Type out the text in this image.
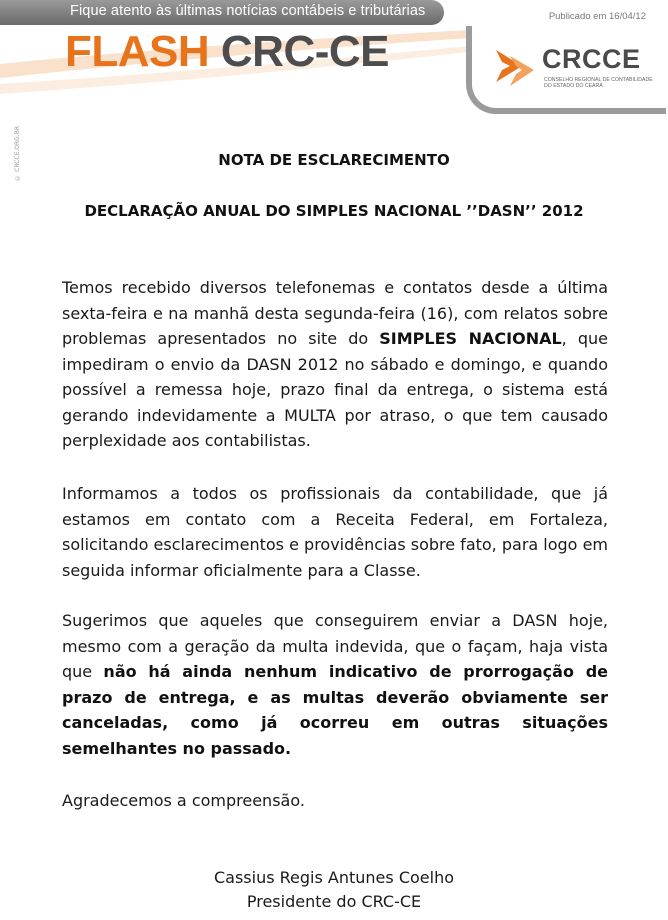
Fique atento às últimas notícias contábeis e tributárias	Publicado em 16/04/12
FLASH CRC-CE	CRCCE
CONSELHO REGIONAL DE CONTABILIDADE
DO ESTADO DO CEARÁ
© CRCCE.ORG.BR	NOTA DE ESCLARECIMENTO
DECLARAÇÃO ANUAL DO SIMPLES NACIONAL ’’DASN’’ 2012
Temos recebido diversos telefonemas e contatos desde a última sexta-feira e na manhã desta segunda-feira (16), com relatos sobre problemas apresentados no site do SIMPLES NACIONAL, que impediram o envio da DASN 2012 no sábado e domingo, e quando possível a remessa hoje, prazo final da entrega, o sistema está gerando indevidamente a MULTA por atraso, o que tem causado perplexidade aos contabilistas.
Informamos a todos os profissionais da contabilidade, que já estamos em contato com a Receita Federal, em Fortaleza, solicitando esclarecimentos e providências sobre fato, para logo em seguida informar oficialmente para a Classe.
Sugerimos que aqueles que conseguirem enviar a DASN hoje, mesmo com a geração da multa indevida, que o façam, haja vista que não há ainda nenhum indicativo de prorrogação de prazo de entrega, e as multas deverão obviamente ser canceladas, como já ocorreu em outras situações semelhantes no passado.
Agradecemos a compreensão.
Cassius Regis Antunes Coelho
Presidente do CRC-CE
